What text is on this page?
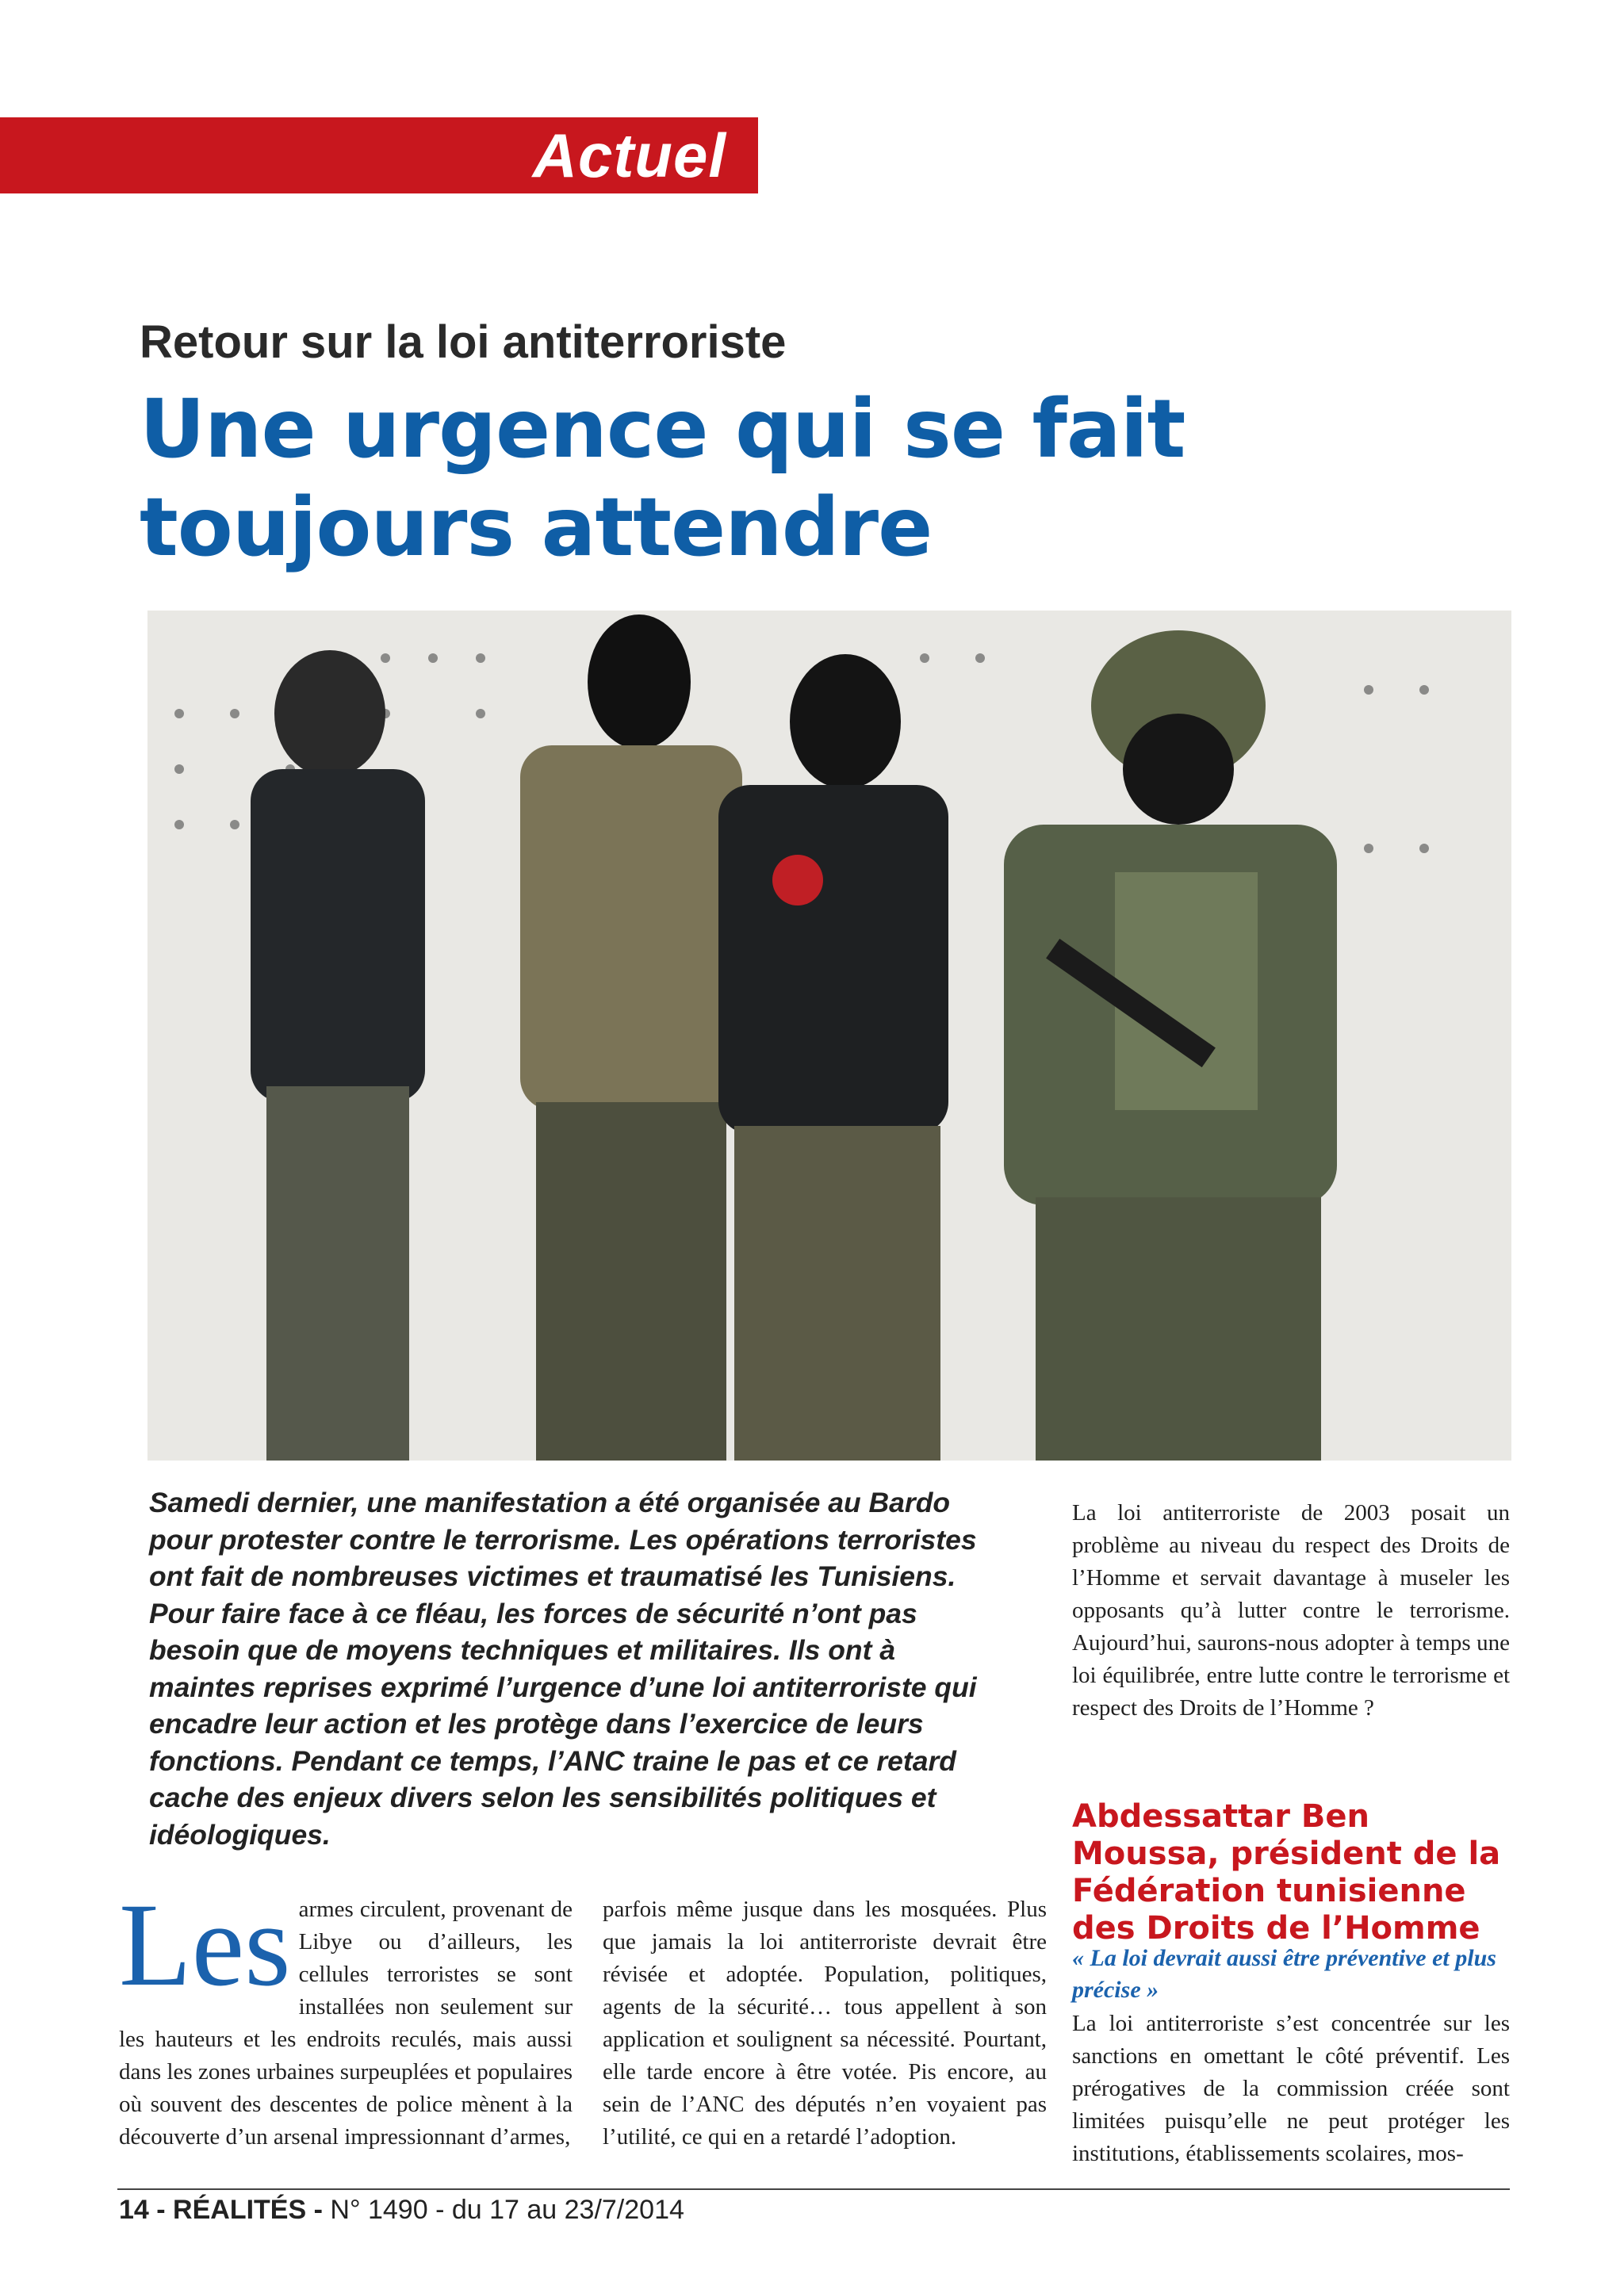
Actuel
Retour sur la loi antiterroriste
Une urgence qui se fait
toujours attendre
Samedi dernier, une manifestation a été organisée au Bardo pour protester contre le terrorisme. Les opérations terroristes ont fait de nombreuses victimes et traumatisé les Tunisiens. Pour faire face à ce fléau, les forces de sécurité n’ont pas besoin que de moyens techniques et militaires. Ils ont à maintes reprises exprimé l’urgence d’une loi antiterroriste qui encadre leur action et les protège dans l’exercice de leurs fonctions. Pendant ce temps, l’ANC traine le pas et ce retard cache des enjeux divers selon les sensibilités politiques et idéologiques.
Les armes circulent, provenant de Libye ou d’ailleurs, les cellules terroristes se sont installées non seulement sur les hauteurs et les endroits reculés, mais aussi dans les zones urbaines surpeuplées et populaires où souvent des descentes de police mènent à la découverte d’un arsenal impressionnant d’armes,
parfois même jusque dans les mosquées. Plus que jamais la loi antiterroriste devrait être révisée et adoptée. Population, politiques, agents de la sécurité… tous appellent à son application et soulignent sa nécessité. Pourtant, elle tarde encore à être votée. Pis encore, au sein de l’ANC des députés n’en voyaient pas l’utilité, ce qui en a retardé l’adoption.
La loi antiterroriste de 2003 posait un problème au niveau du respect des Droits de l’Homme et servait davantage à museler les opposants qu’à lutter contre le terrorisme. Aujourd’hui, saurons-nous adopter à temps une loi équilibrée, entre lutte contre le terrorisme et respect des Droits de l’Homme ?
Abdessattar Ben Moussa, président de la Fédération tunisienne des Droits de l’Homme
« La loi devrait aussi être préventive et plus précise »
La loi antiterroriste s’est concentrée sur les sanctions en omettant le côté préventif. Les prérogatives de la commission créée sont limitées puisqu’elle ne peut protéger les institutions, établissements scolaires, mos-
14 - RÉALITÉS - N° 1490 - du 17 au 23/7/2014
